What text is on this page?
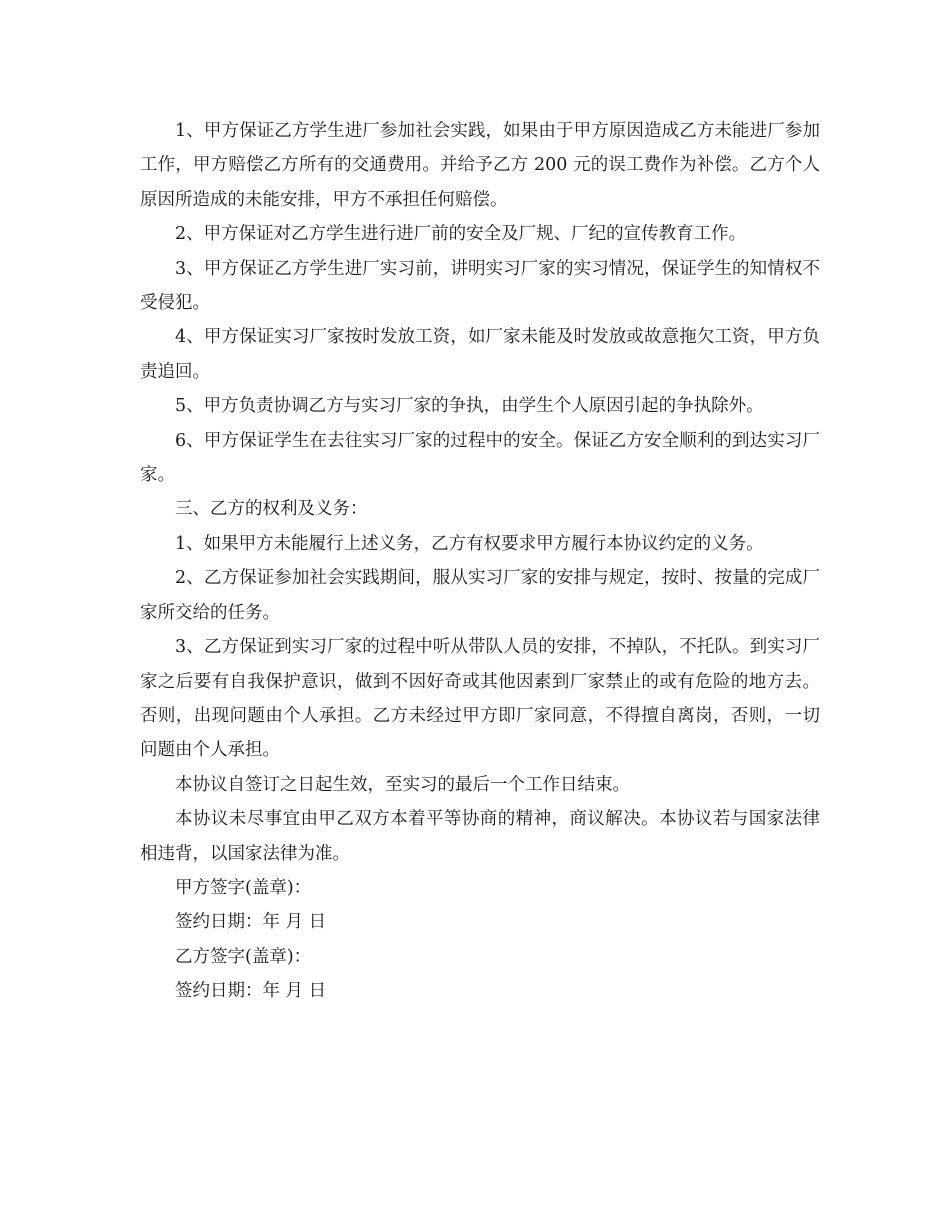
1、甲方保证乙方学生进厂参加社会实践，如果由于甲方原因造成乙方未能进厂参加工作，甲方赔偿乙方所有的交通费用。并给予乙方 200 元的误工费作为补偿。乙方个人原因所造成的未能安排，甲方不承担任何赔偿。

2、甲方保证对乙方学生进行进厂前的安全及厂规、厂纪的宣传教育工作。

3、甲方保证乙方学生进厂实习前，讲明实习厂家的实习情况，保证学生的知情权不受侵犯。

4、甲方保证实习厂家按时发放工资，如厂家未能及时发放或故意拖欠工资，甲方负责追回。

5、甲方负责协调乙方与实习厂家的争执，由学生个人原因引起的争执除外。

6、甲方保证学生在去往实习厂家的过程中的安全。保证乙方安全顺利的到达实习厂家。

三、乙方的权利及义务：

1、如果甲方未能履行上述义务，乙方有权要求甲方履行本协议约定的义务。

2、乙方保证参加社会实践期间，服从实习厂家的安排与规定，按时、按量的完成厂家所交给的任务。

3、乙方保证到实习厂家的过程中听从带队人员的安排，不掉队，不托队。到实习厂家之后要有自我保护意识，做到不因好奇或其他因素到厂家禁止的或有危险的地方去。否则，出现问题由个人承担。乙方未经过甲方即厂家同意，不得擅自离岗，否则，一切问题由个人承担。

本协议自签订之日起生效，至实习的最后一个工作日结束。

本协议未尽事宜由甲乙双方本着平等协商的精神，商议解决。本协议若与国家法律相违背，以国家法律为准。

甲方签字(盖章)：

签约日期：年 月 日

乙方签字(盖章)：

签约日期：年 月 日
